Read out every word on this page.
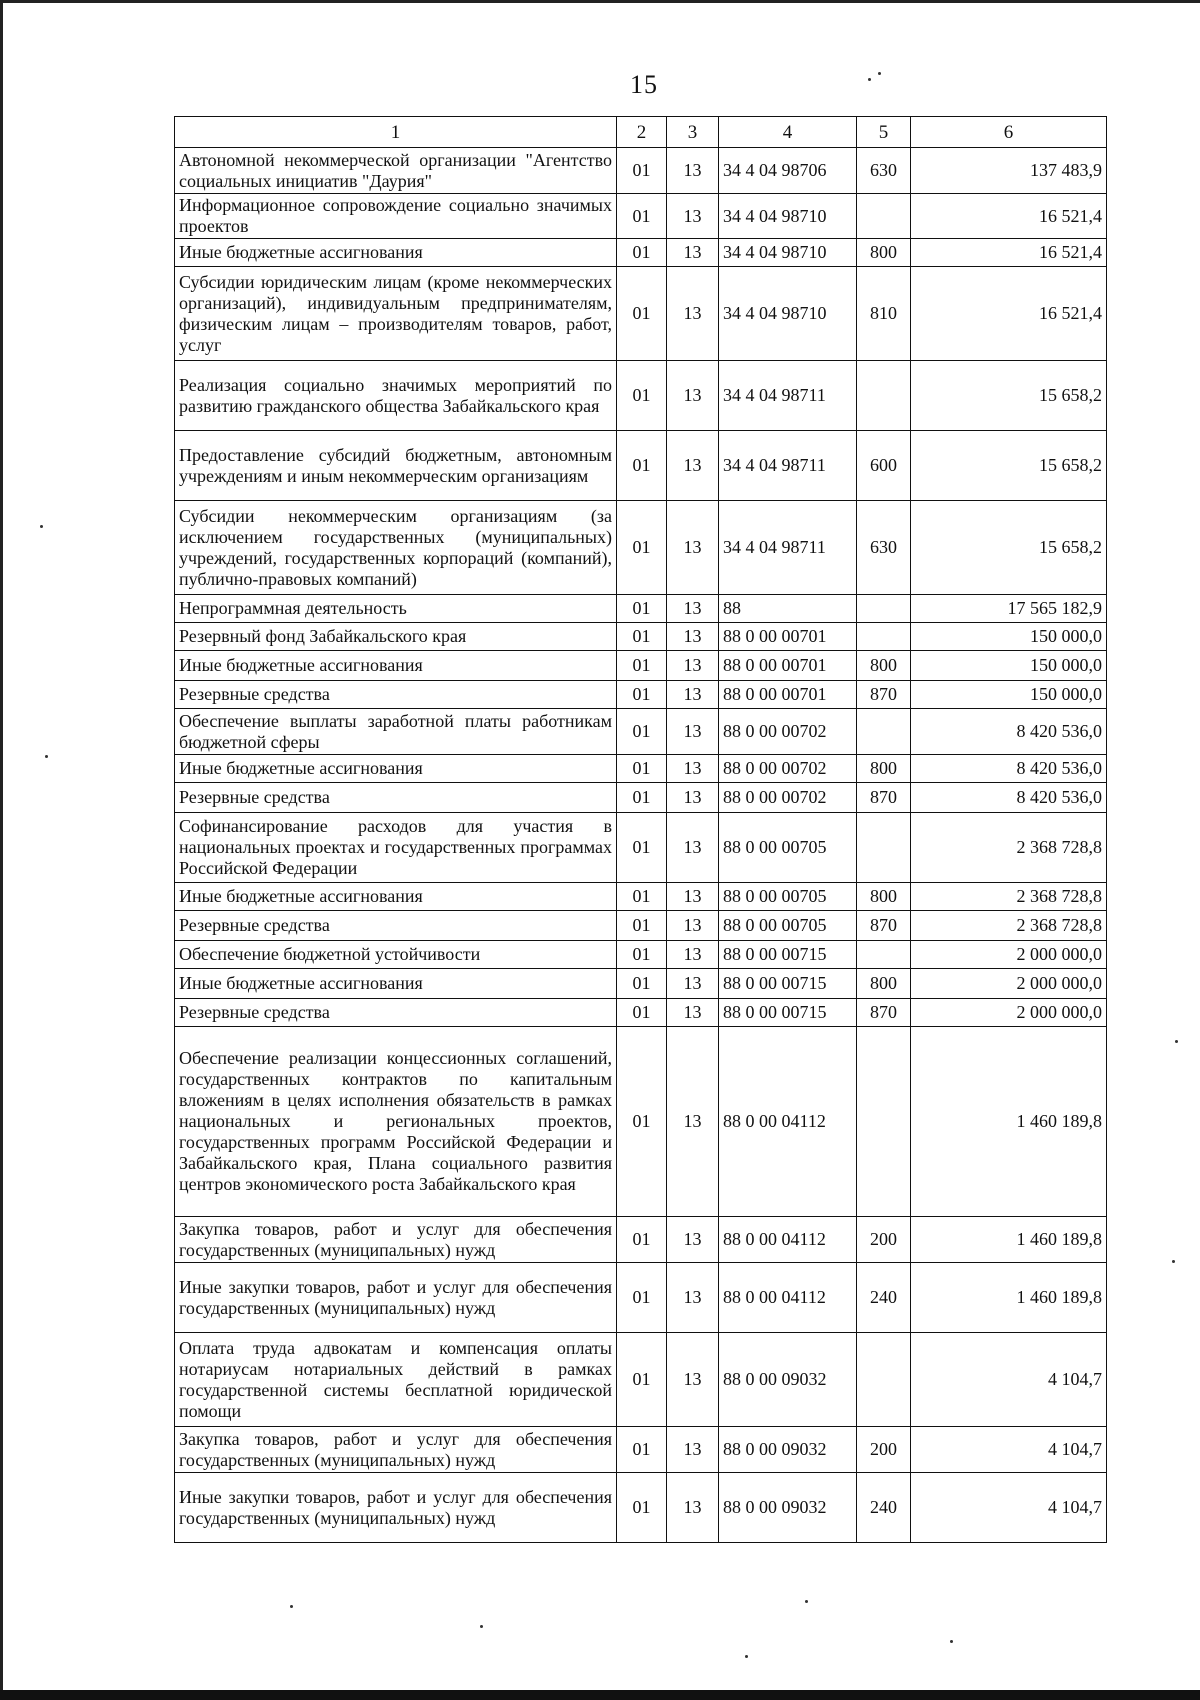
15
1	2	3	4	5	6
Автономной некоммерческой организации "Агентство социальных инициатив "Даурия"	01	13	34 4 04 98706	630	137 483,9
Информационное сопровождение социально значимых проектов	01	13	34 4 04 98710		16 521,4
Иные бюджетные ассигнования	01	13	34 4 04 98710	800	16 521,4
Субсидии юридическим лицам (кроме некоммерческих организаций), индивидуальным предпринимателям, физическим лицам – производителям товаров, работ, услуг	01	13	34 4 04 98710	810	16 521,4
Реализация социально значимых мероприятий по развитию гражданского общества Забайкальского края	01	13	34 4 04 98711		15 658,2
Предоставление субсидий бюджетным, автономным учреждениям и иным некоммерческим организациям	01	13	34 4 04 98711	600	15 658,2
Субсидии некоммерческим организациям (за исключением государственных (муниципальных) учреждений, государственных корпораций (компаний), публично-правовых компаний)	01	13	34 4 04 98711	630	15 658,2
Непрограммная деятельность	01	13	88		17 565 182,9
Резервный фонд Забайкальского края	01	13	88 0 00 00701		150 000,0
Иные бюджетные ассигнования	01	13	88 0 00 00701	800	150 000,0
Резервные средства	01	13	88 0 00 00701	870	150 000,0
Обеспечение выплаты заработной платы работникам бюджетной сферы	01	13	88 0 00 00702		8 420 536,0
Иные бюджетные ассигнования	01	13	88 0 00 00702	800	8 420 536,0
Резервные средства	01	13	88 0 00 00702	870	8 420 536,0
Софинансирование расходов для участия в национальных проектах и государственных программах Российской Федерации	01	13	88 0 00 00705		2 368 728,8
Иные бюджетные ассигнования	01	13	88 0 00 00705	800	2 368 728,8
Резервные средства	01	13	88 0 00 00705	870	2 368 728,8
Обеспечение бюджетной устойчивости	01	13	88 0 00 00715		2 000 000,0
Иные бюджетные ассигнования	01	13	88 0 00 00715	800	2 000 000,0
Резервные средства	01	13	88 0 00 00715	870	2 000 000,0
Обеспечение реализации концессионных соглашений, государственных контрактов по капитальным вложениям в целях исполнения обязательств в рамках национальных и региональных проектов, государственных программ Российской Федерации и Забайкальского края, Плана социального развития центров экономического роста Забайкальского края	01	13	88 0 00 04112		1 460 189,8
Закупка товаров, работ и услуг для обеспечения государственных (муниципальных) нужд	01	13	88 0 00 04112	200	1 460 189,8
Иные закупки товаров, работ и услуг для обеспечения государственных (муниципальных) нужд	01	13	88 0 00 04112	240	1 460 189,8
Оплата труда адвокатам и компенсация оплаты нотариусам нотариальных действий в рамках государственной системы бесплатной юридической помощи	01	13	88 0 00 09032		4 104,7
Закупка товаров, работ и услуг для обеспечения государственных (муниципальных) нужд	01	13	88 0 00 09032	200	4 104,7
Иные закупки товаров, работ и услуг для обеспечения государственных (муниципальных) нужд	01	13	88 0 00 09032	240	4 104,7
